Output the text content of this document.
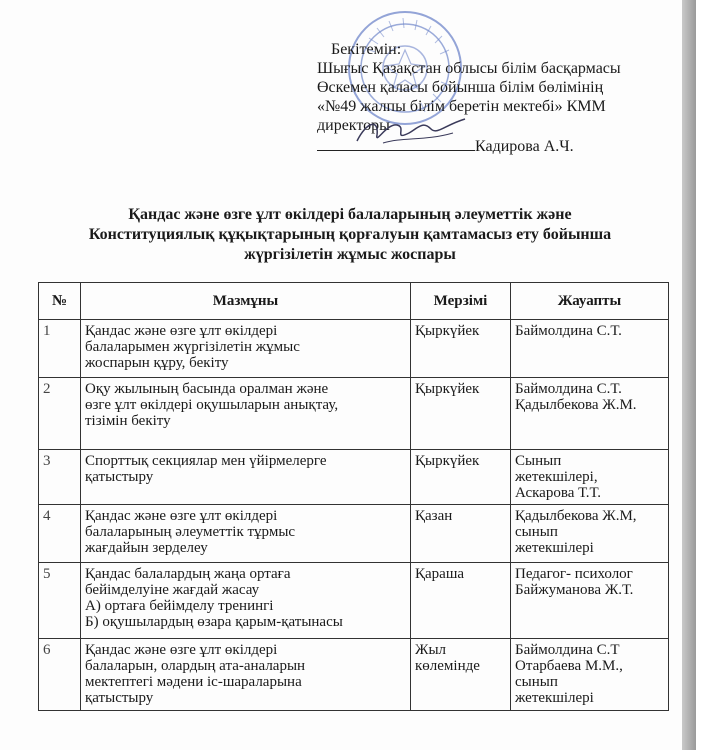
Бекітемін:
Шығыс Қазақстан облысы білім басқармасы
Өскемен қаласы бойынша білім бөлімінің
«№49 жалпы білім беретін мектебі» КММ
директоры
Кадирова А.Ч.
Қандас және өзге ұлт өкілдері балаларының әлеуметтік және
Конституциялық құқықтарының қорғалуын қамтамасыз ету бойынша
жүргізілетін жұмыс жоспары
№	Мазмұны	Мерзімі	Жауапты
1	Қандас және өзге ұлт өкілдері
балаларымен жүргізілетін жұмыс
жоспарын құру, бекіту	Қыркүйек	Баймолдина С.Т.

2	Оқу жылының басында оралман және
өзге ұлт өкілдері оқушыларын анықтау,
тізімін бекіту	Қыркүйек	Баймолдина С.Т.
Қадылбекова Ж.М.

3	Спорттық секциялар мен үйірмелерге
қатыстыру	Қыркүйек	Сынып
жетекшілері,
Аскарова Т.Т.

4	Қандас және өзге ұлт өкілдері
балаларының әлеуметтік тұрмыс
жағдайын зерделеу	Қазан	Қадылбекова Ж.М,
сынып
жетекшілері

5	Қандас балалардың жаңа ортаға
бейімделуіне жағдай жасау
А) ортаға бейімделу тренингі
Б) оқушылардың өзара қарым-қатынасы	Қараша	Педагог- психолог
Байжуманова Ж.Т.

6	Қандас және өзге ұлт өкілдері
балаларын, олардың ата-аналарын
мектептегі мәдени іс-шараларына
қатыстыру	Жыл
көлемінде	Баймолдина С.Т
Отарбаева М.М.,
сынып
жетекшілері
